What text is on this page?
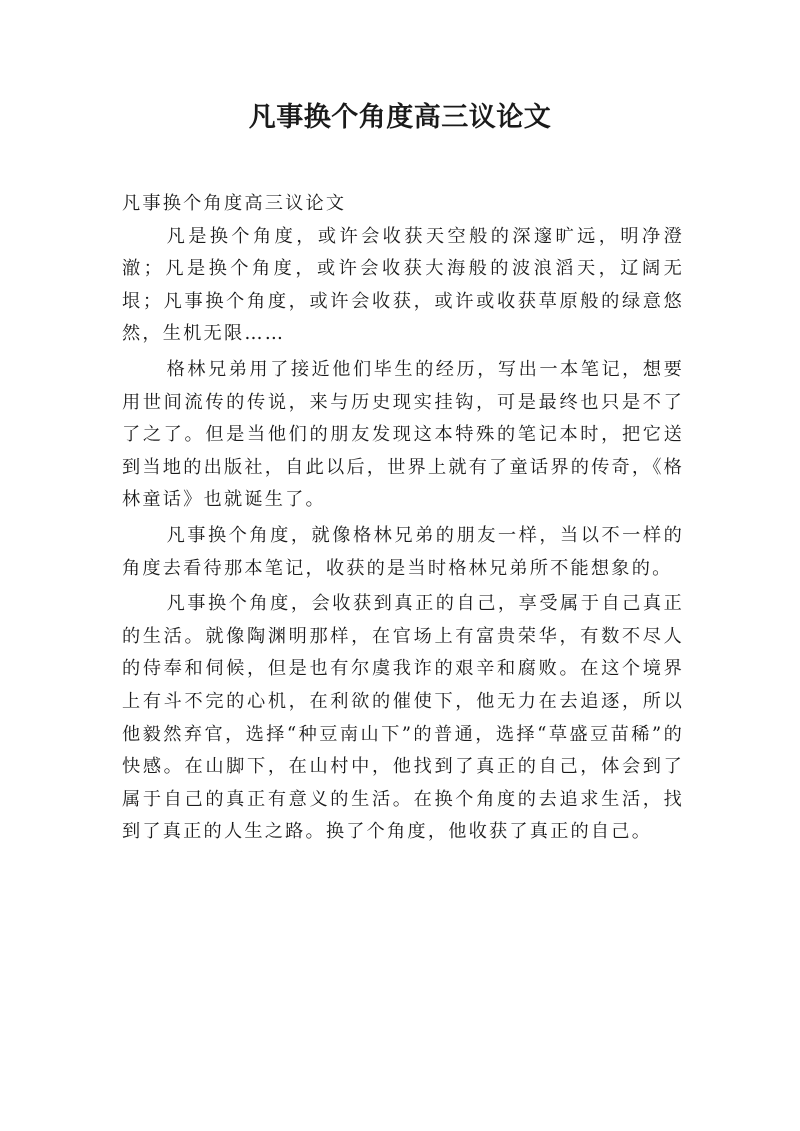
凡事换个角度高三议论文

凡事换个角度高三议论文

凡是换个角度，或许会收获天空般的深邃旷远，明净澄澈；凡是换个角度，或许会收获大海般的波浪滔天，辽阔无垠；凡事换个角度，或许会收获，或许或收获草原般的绿意悠然，生机无限……

格林兄弟用了接近他们毕生的经历，写出一本笔记，想要用世间流传的传说，来与历史现实挂钩，可是最终也只是不了了之了。但是当他们的朋友发现这本特殊的笔记本时，把它送到当地的出版社，自此以后，世界上就有了童话界的传奇，《格林童话》也就诞生了。

凡事换个角度，就像格林兄弟的朋友一样，当以不一样的角度去看待那本笔记，收获的是当时格林兄弟所不能想象的。

凡事换个角度，会收获到真正的自己，享受属于自己真正的生活。就像陶渊明那样，在官场上有富贵荣华，有数不尽人的侍奉和伺候，但是也有尔虞我诈的艰辛和腐败。在这个境界上有斗不完的心机，在利欲的催使下，他无力在去追逐，所以他毅然弃官，选择“种豆南山下”的普通，选择“草盛豆苗稀”的快感。在山脚下，在山村中，他找到了真正的自己，体会到了属于自己的真正有意义的生活。在换个角度的去追求生活，找到了真正的人生之路。换了个角度，他收获了真正的自己。
